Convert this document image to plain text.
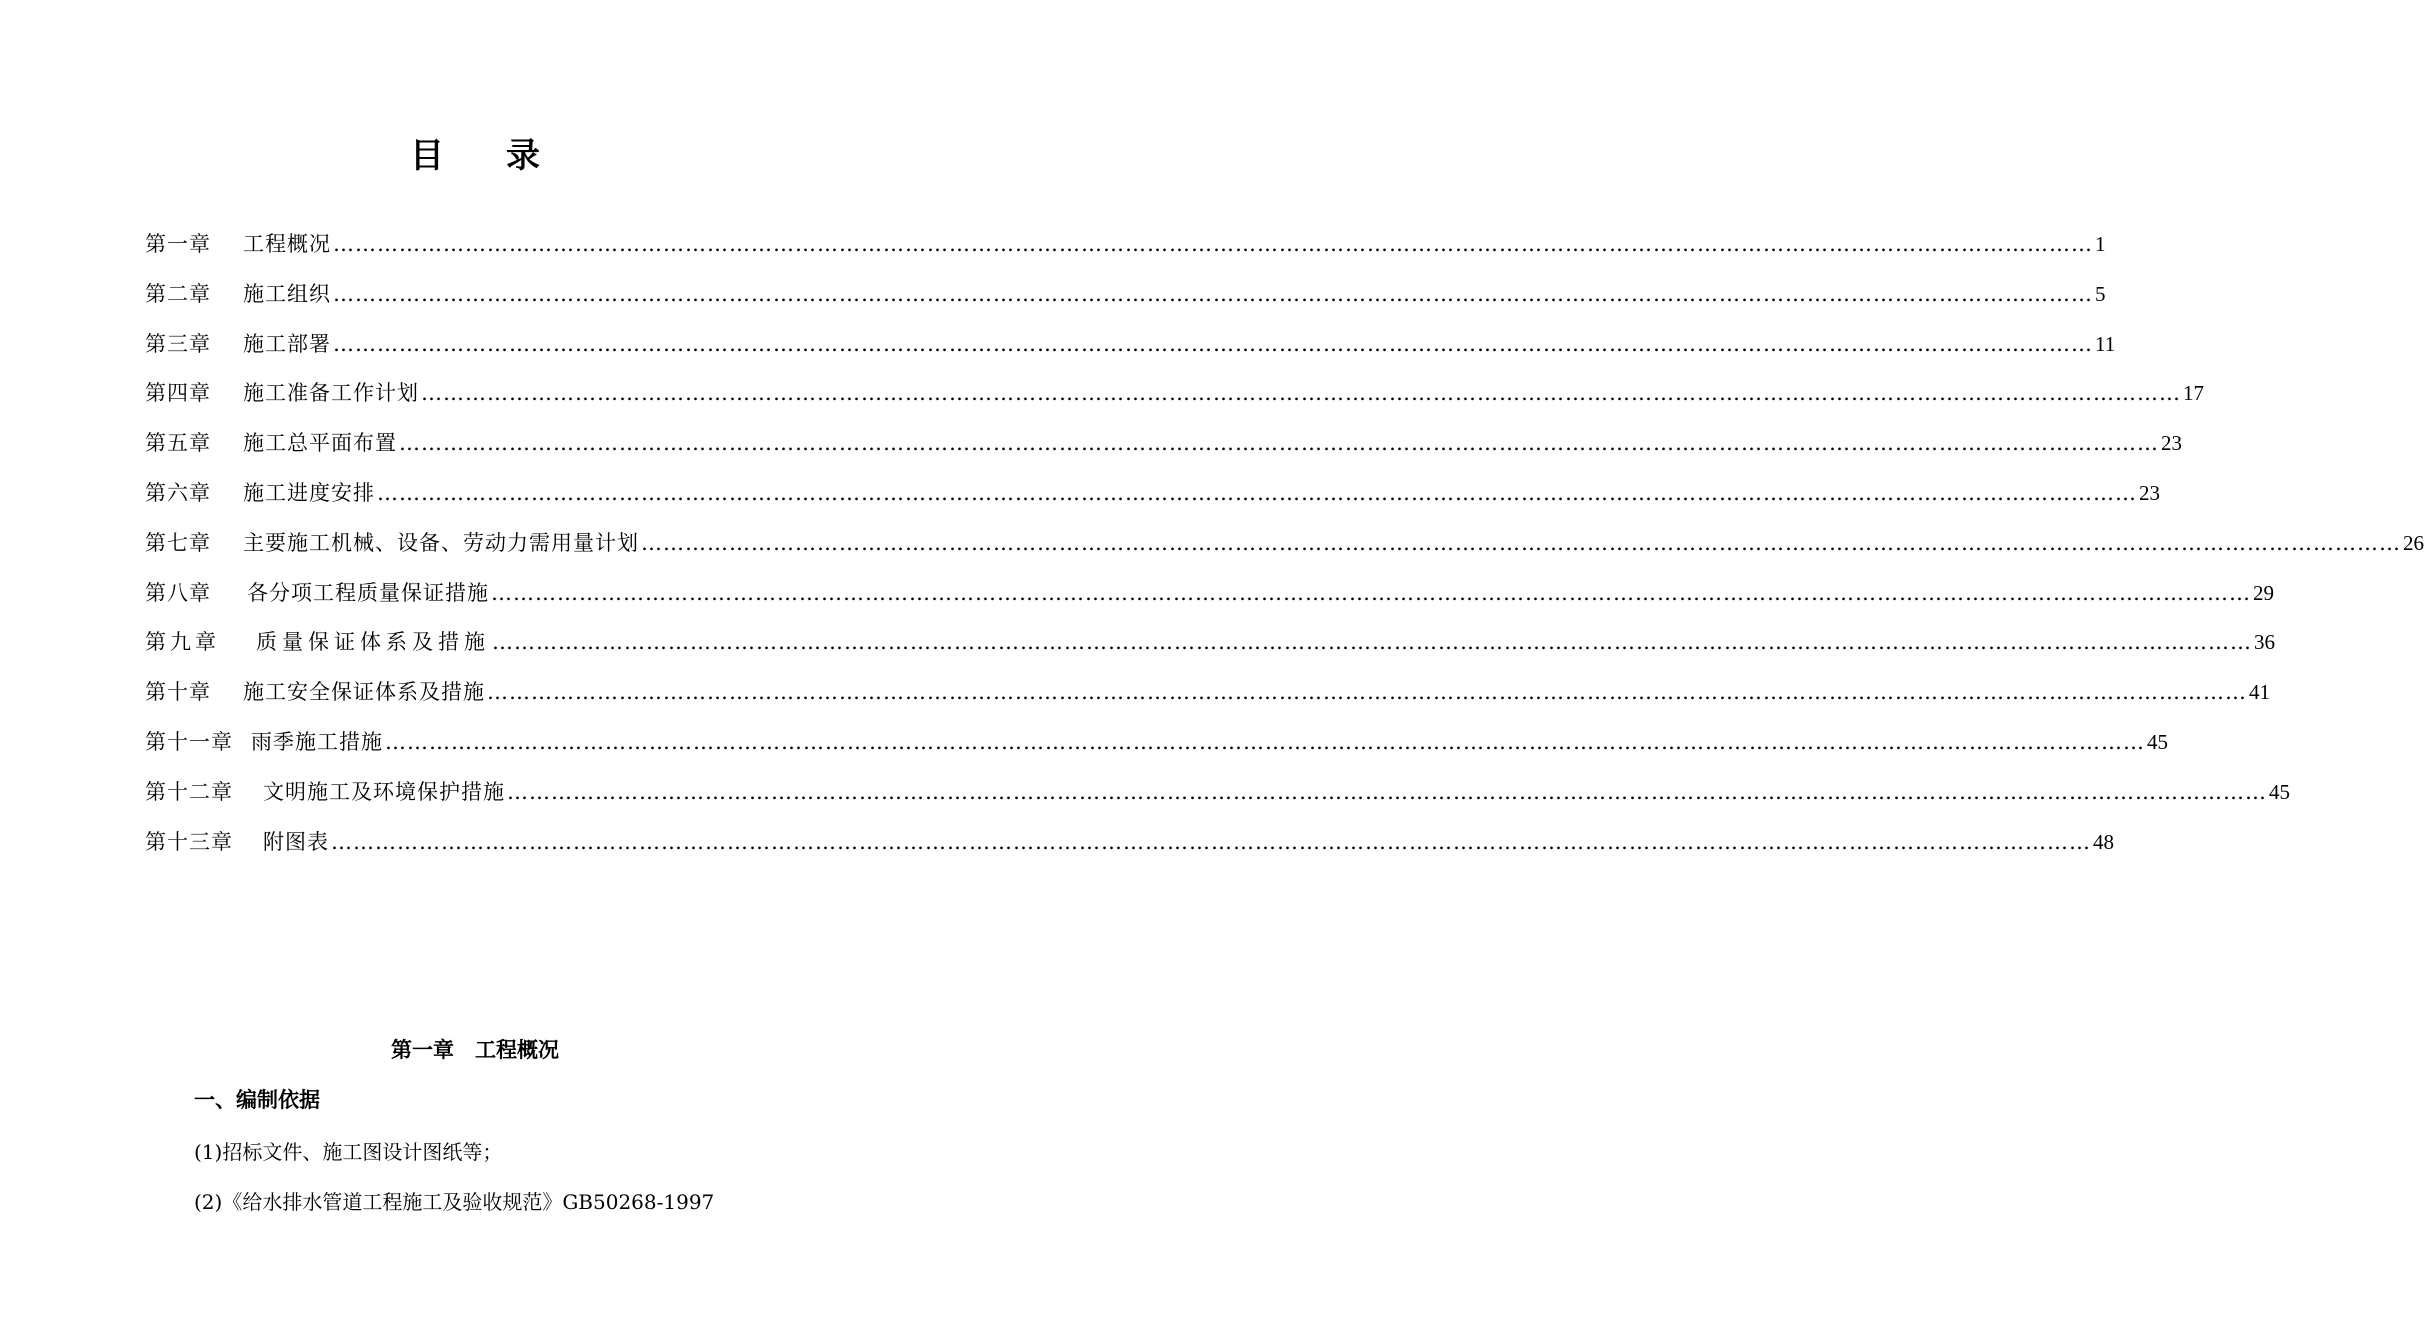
目录
第一章 工程概况 …………………………………………………………………………………………………………………………………………………………………………………………………………………… 1
第二章 施工组织 …………………………………………………………………………………………………………………………………………………………………………………………………………………… 5
第三章 施工部署 …………………………………………………………………………………………………………………………………………………………………………………………………………………… 11
第四章 施工准备工作计划 …………………………………………………………………………………………………………………………………………………………………………………………………………………… 17
第五章 施工总平面布置 …………………………………………………………………………………………………………………………………………………………………………………………………………………… 23
第六章 施工进度安排 …………………………………………………………………………………………………………………………………………………………………………………………………………………… 23
第七章 主要施工机械、设备、劳动力需用量计划 …………………………………………………………………………………………………………………………………………………………………………………………………………………… 26
第八章 各分项工程质量保证措施 …………………………………………………………………………………………………………………………………………………………………………………………………………………… 29
第九章 质量保证体系及措施 …………………………………………………………………………………………………………………………………………………………………………………………………………………… 36
第十章 施工安全保证体系及措施 …………………………………………………………………………………………………………………………………………………………………………………………………………………… 41
第十一章 雨季施工措施 …………………………………………………………………………………………………………………………………………………………………………………………………………………… 45
第十二章 文明施工及环境保护措施 …………………………………………………………………………………………………………………………………………………………………………………………………………………… 45
第十三章 附图表 …………………………………………………………………………………………………………………………………………………………………………………………………………………… 48
第一章　工程概况
一、编制依据
(1)招标文件、施工图设计图纸等；
(2)《给水排水管道工程施工及验收规范》GB50268-1997
